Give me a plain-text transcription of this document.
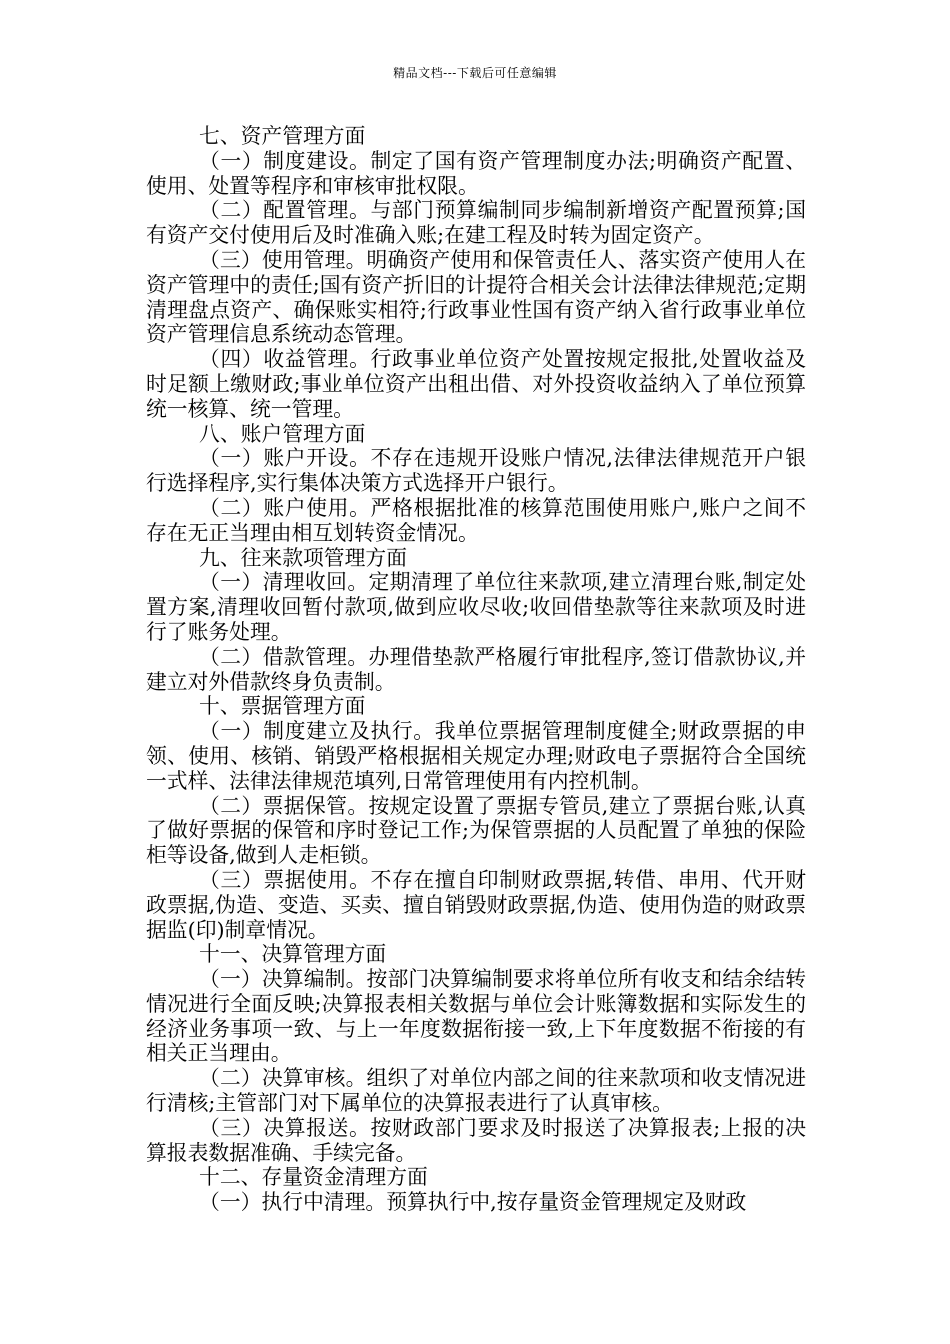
精品文档---下载后可任意编辑

七、资产管理方面

（一）制度建设。制定了国有资产管理制度办法;明确资产配置、使用、处置等程序和审核审批权限。

（二）配置管理。与部门预算编制同步编制新增资产配置预算;国有资产交付使用后及时准确入账;在建工程及时转为固定资产。

（三）使用管理。明确资产使用和保管责任人、落实资产使用人在资产管理中的责任;国有资产折旧的计提符合相关会计法律法律规范;定期清理盘点资产、确保账实相符;行政事业性国有资产纳入省行政事业单位资产管理信息系统动态管理。

（四）收益管理。行政事业单位资产处置按规定报批,处置收益及时足额上缴财政;事业单位资产出租出借、对外投资收益纳入了单位预算统一核算、统一管理。

八、账户管理方面

（一）账户开设。不存在违规开设账户情况,法律法律规范开户银行选择程序,实行集体决策方式选择开户银行。

（二）账户使用。严格根据批准的核算范围使用账户,账户之间不存在无正当理由相互划转资金情况。

九、往来款项管理方面

（一）清理收回。定期清理了单位往来款项,建立清理台账,制定处置方案,清理收回暂付款项,做到应收尽收;收回借垫款等往来款项及时进行了账务处理。

（二）借款管理。办理借垫款严格履行审批程序,签订借款协议,并建立对外借款终身负责制。

十、票据管理方面

（一）制度建立及执行。我单位票据管理制度健全;财政票据的申领、使用、核销、销毁严格根据相关规定办理;财政电子票据符合全国统一式样、法律法律规范填列,日常管理使用有内控机制。

（二）票据保管。按规定设置了票据专管员,建立了票据台账,认真了做好票据的保管和序时登记工作;为保管票据的人员配置了单独的保险柜等设备,做到人走柜锁。

（三）票据使用。不存在擅自印制财政票据,转借、串用、代开财政票据,伪造、变造、买卖、擅自销毁财政票据,伪造、使用伪造的财政票据监(印)制章情况。

十一、决算管理方面

（一）决算编制。按部门决算编制要求将单位所有收支和结余结转情况进行全面反映;决算报表相关数据与单位会计账簿数据和实际发生的经济业务事项一致、与上一年度数据衔接一致,上下年度数据不衔接的有相关正当理由。

（二）决算审核。组织了对单位内部之间的往来款项和收支情况进行清核;主管部门对下属单位的决算报表进行了认真审核。

（三）决算报送。按财政部门要求及时报送了决算报表;上报的决算报表数据准确、手续完备。

十二、存量资金清理方面

（一）执行中清理。预算执行中,按存量资金管理规定及财政
